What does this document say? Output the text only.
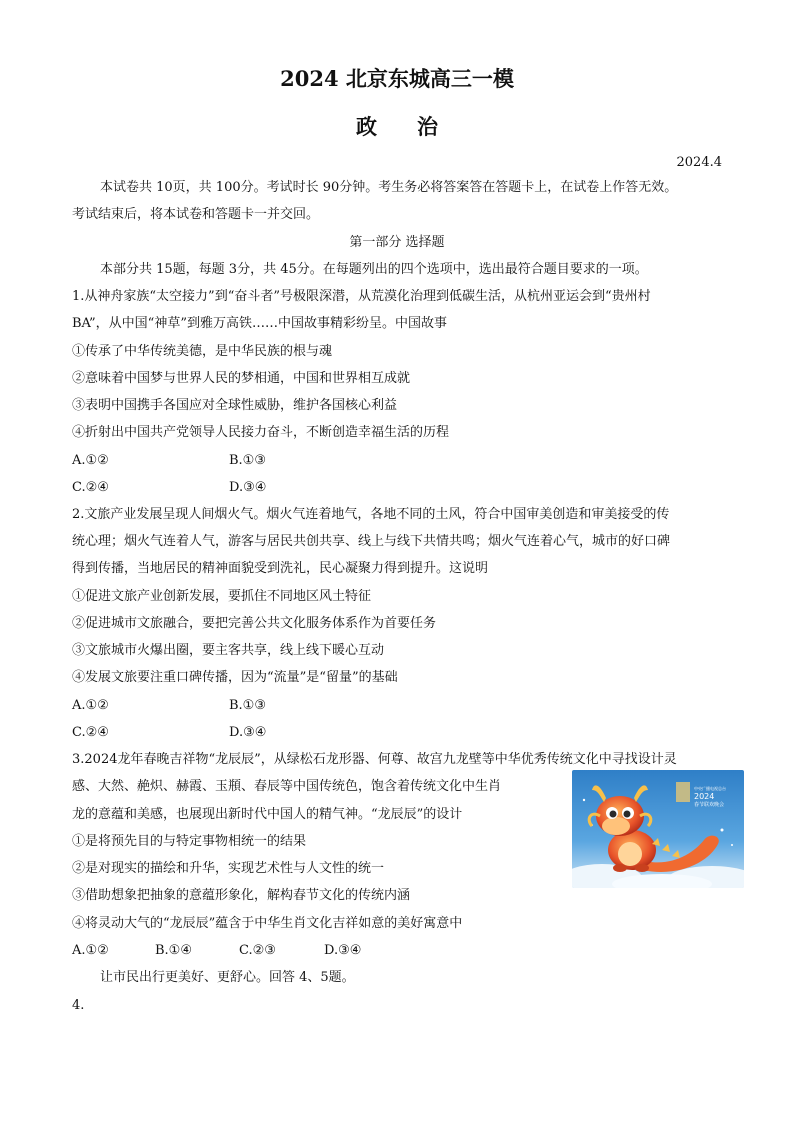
2024 北京东城高三一模
政治
2024.4
本试卷共 10页，共 100分。考试时长 90分钟。考生务必将答案答在答题卡上，在试卷上作答无效。
考试结束后，将本试卷和答题卡一并交回。
第一部分 选择题
本部分共 15题，每题 3分，共 45分。在每题列出的四个选项中，选出最符合题目要求的一项。
1.从神舟家族“太空接力”到“奋斗者”号极限深潜，从荒漠化治理到低碳生活，从杭州亚运会到“贵州村
BA”，从中国“神草”到雅万高铁……中国故事精彩纷呈。中国故事
①传承了中华传统美德，是中华民族的根与魂
②意味着中国梦与世界人民的梦相通，中国和世界相互成就
③表明中国携手各国应对全球性威胁，维护各国核心利益
④折射出中国共产党领导人民接力奋斗，不断创造幸福生活的历程
A.①②	B.①③
C.②④	D.③④
2.文旅产业发展呈现人间烟火气。烟火气连着地气，各地不同的土风，符合中国审美创造和审美接受的传
统心理；烟火气连着人气，游客与居民共创共享、线上与线下共情共鸣；烟火气连着心气，城市的好口碑
得到传播，当地居民的精神面貌受到洗礼，民心凝聚力得到提升。这说明
①促进文旅产业创新发展，要抓住不同地区风土特征
②促进城市文旅融合，要把完善公共文化服务体系作为首要任务
③文旅城市火爆出圈，要主客共享，线上线下暖心互动
④发展文旅要注重口碑传播，因为“流量”是“留量”的基础
A.①②	B.①③
C.②④	D.③④
3.2024龙年春晚吉祥物“龙辰辰”，从绿松石龙形器、何尊、故宫九龙壁等中华优秀传统文化中寻找设计灵
感、大然、赩炽、赫霞、玉頩、春辰等中国传统色，饱含着传统文化中生肖
龙的意蕴和美感，也展现出新时代中国人的精气神。“龙辰辰”的设计
①是将预先目的与特定事物相统一的结果
②是对现实的描绘和升华，实现艺术性与人文性的统一
③借助想象把抽象的意蕴形象化，解构春节文化的传统内涵
④将灵动大气的“龙辰辰”蕴含于中华生肖文化吉祥如意的美好寓意中
A.①②	B.①④	C.②③	D.③④
中央广播电视总台
2024
春节联欢晚会
让市民出行更美好、更舒心。回答 4、5题。
4.
